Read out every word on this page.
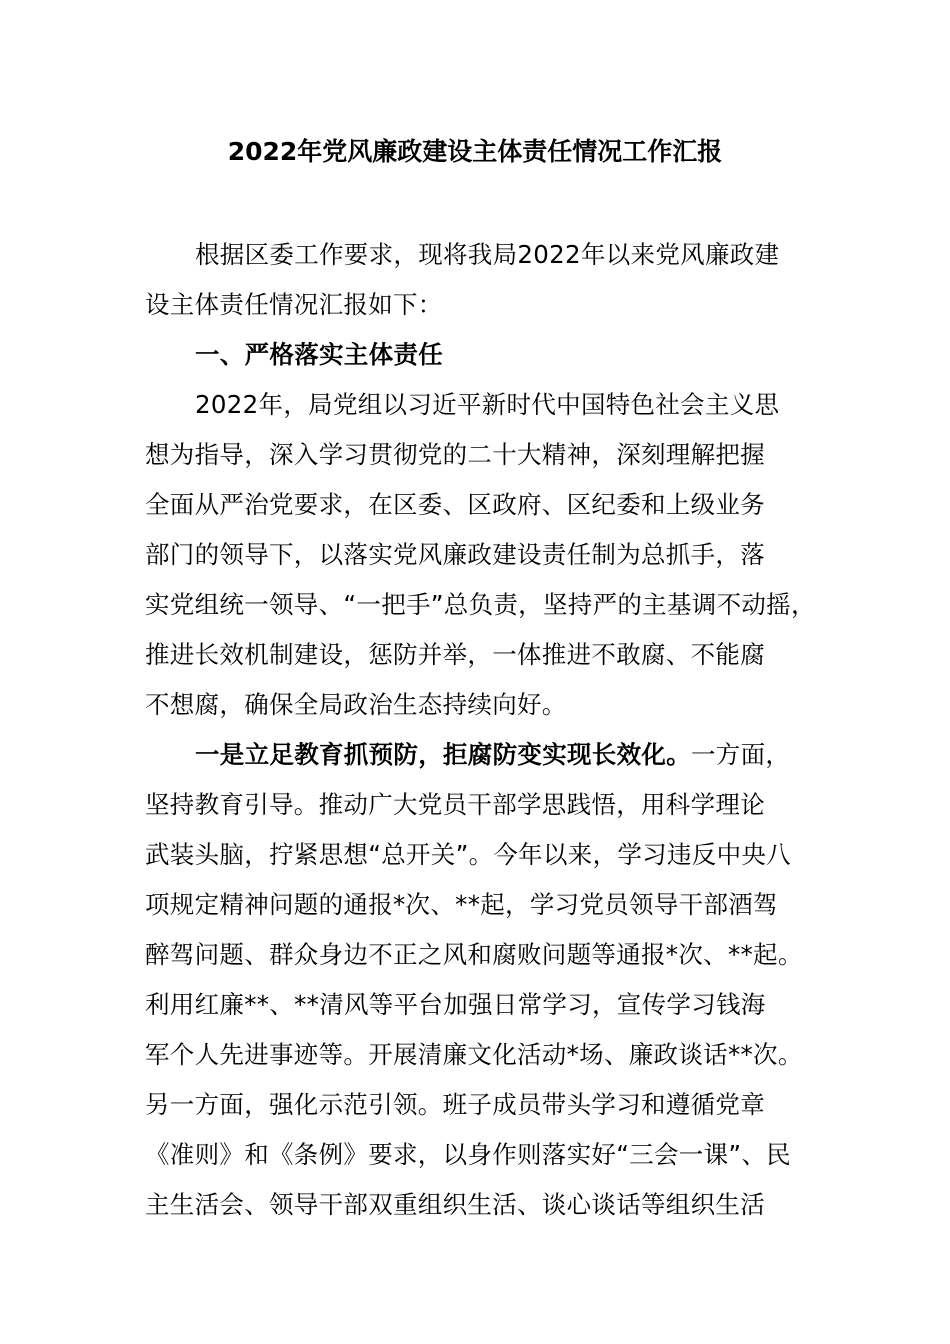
2022年党风廉政建设主体责任情况工作汇报
根据区委工作要求，现将我局2022年以来党风廉政建
设主体责任情况汇报如下：
一、严格落实主体责任
2022年，局党组以习近平新时代中国特色社会主义思
想为指导，深入学习贯彻党的二十大精神，深刻理解把握
全面从严治党要求，在区委、区政府、区纪委和上级业务
部门的领导下，以落实党风廉政建设责任制为总抓手，落
实党组统一领导、“一把手”总负责，坚持严的主基调不动摇，
推进长效机制建设，惩防并举，一体推进不敢腐、不能腐
不想腐，确保全局政治生态持续向好。
一是立足教育抓预防，拒腐防变实现长效化。一方面，
坚持教育引导。推动广大党员干部学思践悟，用科学理论
武装头脑，拧紧思想“总开关”。今年以来，学习违反中央八
项规定精神问题的通报*次、**起，学习党员领导干部酒驾
醉驾问题、群众身边不正之风和腐败问题等通报*次、**起。
利用红廉**、**清风等平台加强日常学习，宣传学习钱海
军个人先进事迹等。开展清廉文化活动*场、廉政谈话**次。
另一方面，强化示范引领。班子成员带头学习和遵循党章
《准则》和《条例》要求，以身作则落实好“三会一课”、民
主生活会、领导干部双重组织生活、谈心谈话等组织生活
